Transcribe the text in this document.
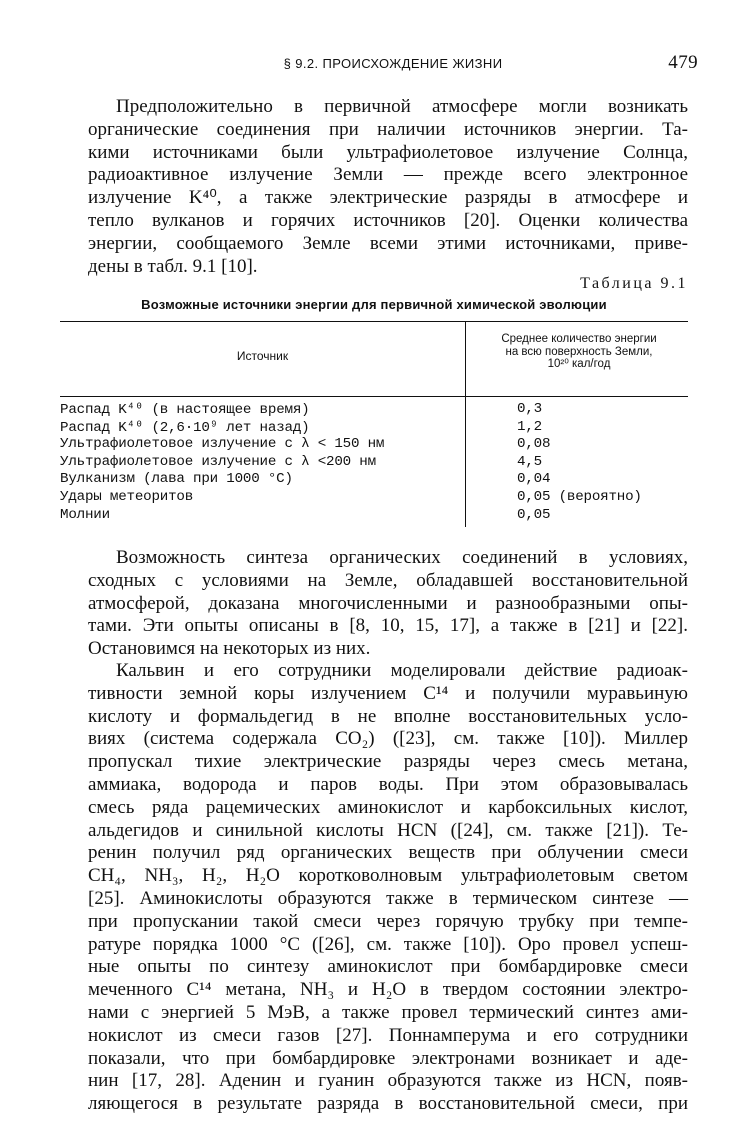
§ 9.2. ПРОИСХОЖДЕНИЕ ЖИЗНИ	479
Предположительно в первичной атмосфере могли возникать
органические соединения при наличии источников энергии. Та-
кими источниками были ультрафиолетовое излучение Солнца,
радиоактивное излучение Земли — прежде всего электронное
излучение K⁴⁰, а также электрические разряды в атмосфере и
тепло вулканов и горячих источников [20]. Оценки количества
энергии, сообщаемого Земле всеми этими источниками, приве-
дены в табл. 9.1 [10].
Таблица 9.1
Возможные источники энергии для первичной химической эволюции
Источник
Среднее количество энергии
на всю поверхность Земли,
10²⁰ кал/год
Распад K⁴⁰ (в настоящее время)	0,3
Распад K⁴⁰ (2,6·10⁹ лет назад)	1,2
Ультрафиолетовое излучение с λ < 150 нм	0,08
Ультрафиолетовое излучение с λ <200 нм	4,5
Вулканизм (лава при 1000 °C)	0,04
Удары метеоритов	0,05 (вероятно)
Молнии	0,05
Возможность синтеза органических соединений в условиях,
сходных с условиями на Земле, обладавшей восстановительной
атмосферой, доказана многочисленными и разнообразными опы-
тами. Эти опыты описаны в [8, 10, 15, 17], а также в [21] и [22].
Остановимся на некоторых из них.
Кальвин и его сотрудники моделировали действие радиоак-
тивности земной коры излучением C¹⁴ и получили муравьиную
кислоту и формальдегид в не вполне восстановительных усло-
виях (система содержала CO₂) ([23], см. также [10]). Миллер
пропускал тихие электрические разряды через смесь метана,
аммиака, водорода и паров воды. При этом образовывалась
смесь ряда рацемических аминокислот и карбоксильных кислот,
альдегидов и синильной кислоты HCN ([24], см. также [21]). Те-
ренин получил ряд органических веществ при облучении смеси
CH₄, NH₃, H₂, H₂O коротковолновым ультрафиолетовым светом
[25]. Аминокислоты образуются также в термическом синтезе —
при пропускании такой смеси через горячую трубку при темпе-
ратуре порядка 1000 °C ([26], см. также [10]). Оро провел успеш-
ные опыты по синтезу аминокислот при бомбардировке смеси
меченного C¹⁴ метана, NH₃ и H₂O в твердом состоянии электро-
нами с энергией 5 МэВ, а также провел термический синтез ами-
нокислот из смеси газов [27]. Поннамперума и его сотрудники
показали, что при бомбардировке электронами возникает и аде-
нин [17, 28]. Аденин и гуанин образуются также из HCN, появ-
ляющегося в результате разряда в восстановительной смеси, при
